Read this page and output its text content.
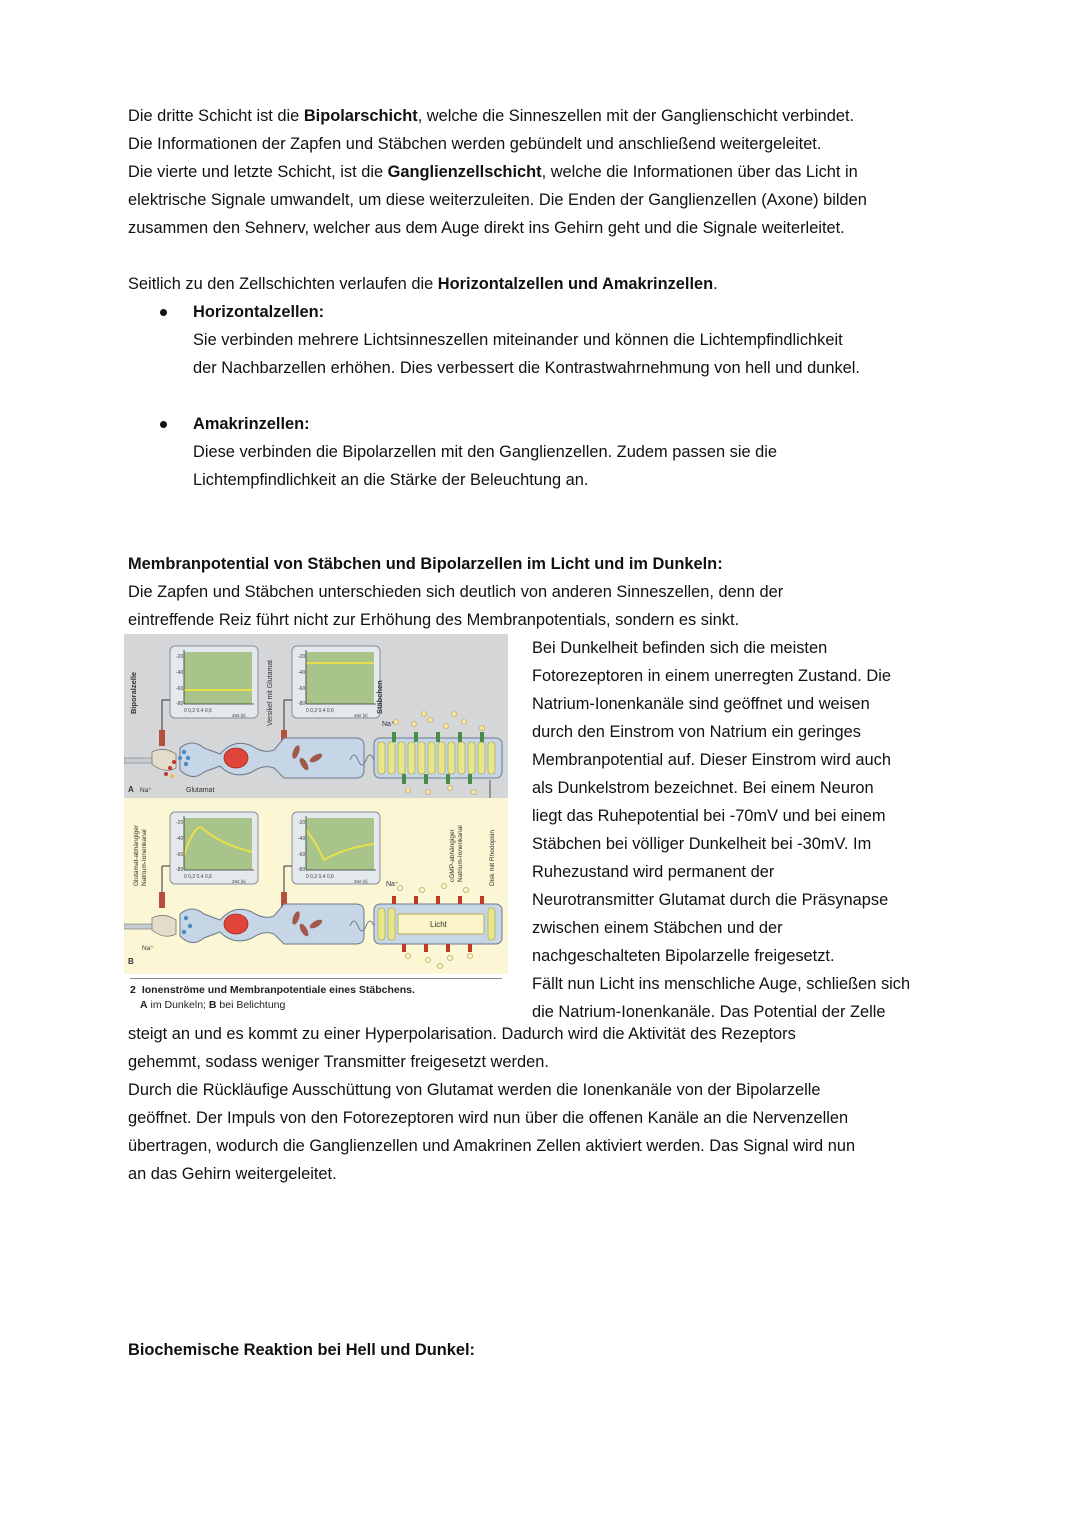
Die dritte Schicht ist die Bipolarschicht, welche die Sinneszellen mit der Ganglienschicht verbindet.

Die Informationen der Zapfen und Stäbchen werden gebündelt und anschließend weitergeleitet.

Die vierte und letzte Schicht, ist die Ganglienzellschicht, welche die Informationen über das Licht in

elektrische Signale umwandelt, um diese weiterzuleiten. Die Enden der Ganglienzellen (Axone) bilden

zusammen den Sehnerv, welcher aus dem Auge direkt ins Gehirn geht und die Signale weiterleitet.

Seitlich zu den Zellschichten verlaufen die Horizontalzellen und Amakrinzellen.

Horizontalzellen:

Sie verbinden mehrere Lichtsinneszellen miteinander und können die Lichtempfindlichkeit

der Nachbarzellen erhöhen. Dies verbessert die Kontrastwahrnehmung von hell und dunkel.

Amakrinzellen:

Diese verbinden die Bipolarzellen mit den Ganglienzellen. Zudem passen sie die

Lichtempfindlichkeit an die Stärke der Beleuchtung an.

Membranpotential von Stäbchen und Bipolarzellen im Licht und im Dunkeln:

Die Zapfen und Stäbchen unterschieden sich deutlich von anderen Sinneszellen, denn der

eintreffende Reiz führt nicht zur Erhöhung des Membranpotentials, sondern es sinkt.

-20
-40
-60
-80
0 0,2 0,4 0,6
Zeit [s]
-20
-40
-60
-80
0 0,2 0,4 0,6
Zeit [s]
Na⁺
Biporalzelle	Versikel mit Glutamat	Stäbchen
A Na⁺	Glutamat
-20
-40
-60
-80
0 0,2 0,4 0,6
Zeit [s]
-20
-40
-60
-80
0 0,2 0,4 0,6
Zeit [s]
Licht
Na⁺
Glutamat-abhängiger Natrium-Ionenkanal	cGMP-abhängiger Natrium-Ionenkanal	Disk mit Rhodopsin
Na⁺
B
2 Ionenströme und Membranpotentiale eines Stäbchens.
A im Dunkeln; B bei Belichtung
Bei Dunkelheit befinden sich die meisten
Fotorezeptoren in einem unerregten Zustand. Die
Natrium-Ionenkanäle sind geöffnet und weisen
durch den Einstrom von Natrium ein geringes
Membranpotential auf. Dieser Einstrom wird auch
als Dunkelstrom bezeichnet. Bei einem Neuron
liegt das Ruhepotential bei -70mV und bei einem
Stäbchen bei völliger Dunkelheit bei -30mV. Im
Ruhezustand wird permanent der
Neurotransmitter Glutamat durch die Präsynapse
zwischen einem Stäbchen und der
nachgeschalteten Bipolarzelle freigesetzt.
Fällt nun Licht ins menschliche Auge, schließen sich
die Natrium-Ionenkanäle. Das Potential der Zelle

steigt an und es kommt zu einer Hyperpolarisation. Dadurch wird die Aktivität des Rezeptors

gehemmt, sodass weniger Transmitter freigesetzt werden.

Durch die Rückläufige Ausschüttung von Glutamat werden die Ionenkanäle von der Bipolarzelle

geöffnet. Der Impuls von den Fotorezeptoren wird nun über die offenen Kanäle an die Nervenzellen

übertragen, wodurch die Ganglienzellen und Amakrinen Zellen aktiviert werden. Das Signal wird nun

an das Gehirn weitergeleitet.

Biochemische Reaktion bei Hell und Dunkel:
